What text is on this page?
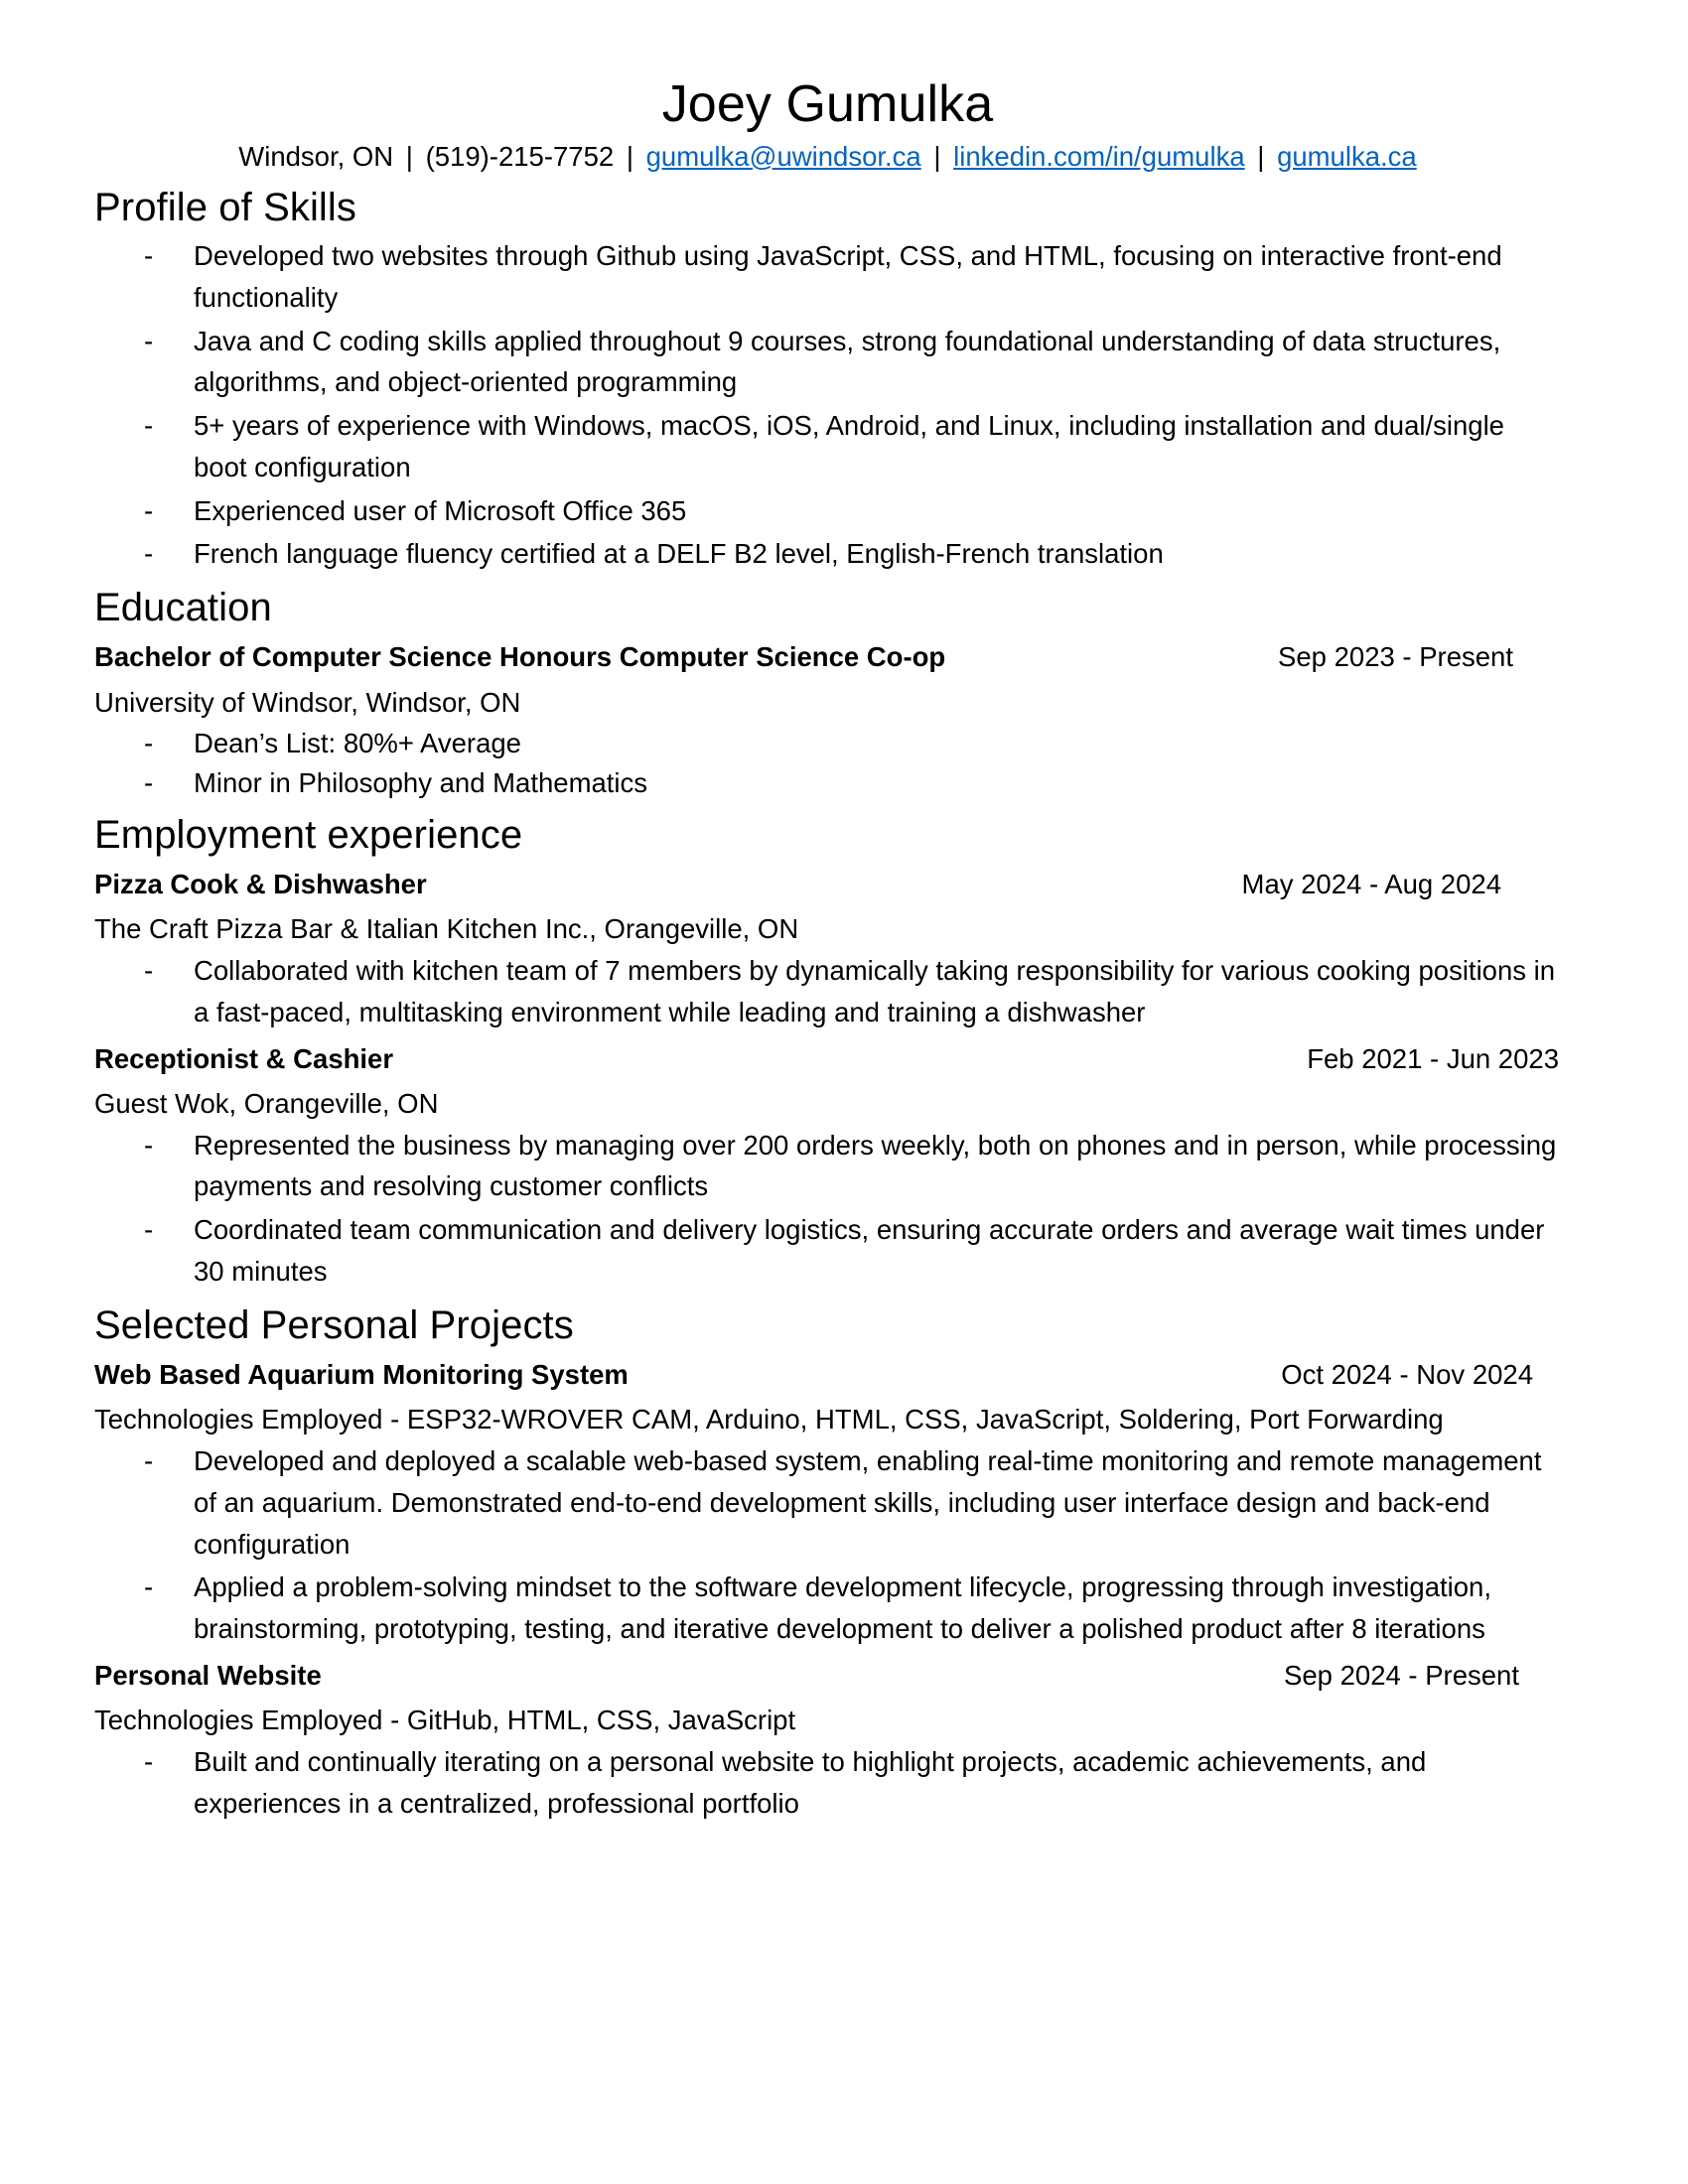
Joey Gumulka
Windsor, ON | (519)-215-7752 | gumulka@uwindsor.ca | linkedin.com/in/gumulka | gumulka.ca
Profile of Skills
- Developed two websites through Github using JavaScript, CSS, and HTML, focusing on interactive front-end functionality
- Java and C coding skills applied throughout 9 courses, strong foundational understanding of data structures, algorithms, and object-oriented programming
- 5+ years of experience with Windows, macOS, iOS, Android, and Linux, including installation and dual/single boot configuration
- Experienced user of Microsoft Office 365
- French language fluency certified at a DELF B2 level, English-French translation
Education
Bachelor of Computer Science Honours Computer Science Co-op	Sep 2023 - Present
University of Windsor, Windsor, ON
- Dean’s List: 80%+ Average
- Minor in Philosophy and Mathematics
Employment experience
Pizza Cook & Dishwasher	May 2024 - Aug 2024
The Craft Pizza Bar & Italian Kitchen Inc., Orangeville, ON
- Collaborated with kitchen team of 7 members by dynamically taking responsibility for various cooking positions in a fast-paced, multitasking environment while leading and training a dishwasher
Receptionist & Cashier	Feb 2021 - Jun 2023
Guest Wok, Orangeville, ON
- Represented the business by managing over 200 orders weekly, both on phones and in person, while processing payments and resolving customer conflicts
- Coordinated team communication and delivery logistics, ensuring accurate orders and average wait times under 30 minutes
Selected Personal Projects
Web Based Aquarium Monitoring System	Oct 2024 - Nov 2024
Technologies Employed - ESP32-WROVER CAM, Arduino, HTML, CSS, JavaScript, Soldering, Port Forwarding
- Developed and deployed a scalable web-based system, enabling real-time monitoring and remote management of an aquarium. Demonstrated end-to-end development skills, including user interface design and back-end configuration
- Applied a problem-solving mindset to the software development lifecycle, progressing through investigation, brainstorming, prototyping, testing, and iterative development to deliver a polished product after 8 iterations
Personal Website	Sep 2024 - Present
Technologies Employed - GitHub, HTML, CSS, JavaScript
- Built and continually iterating on a personal website to highlight projects, academic achievements, and experiences in a centralized, professional portfolio
